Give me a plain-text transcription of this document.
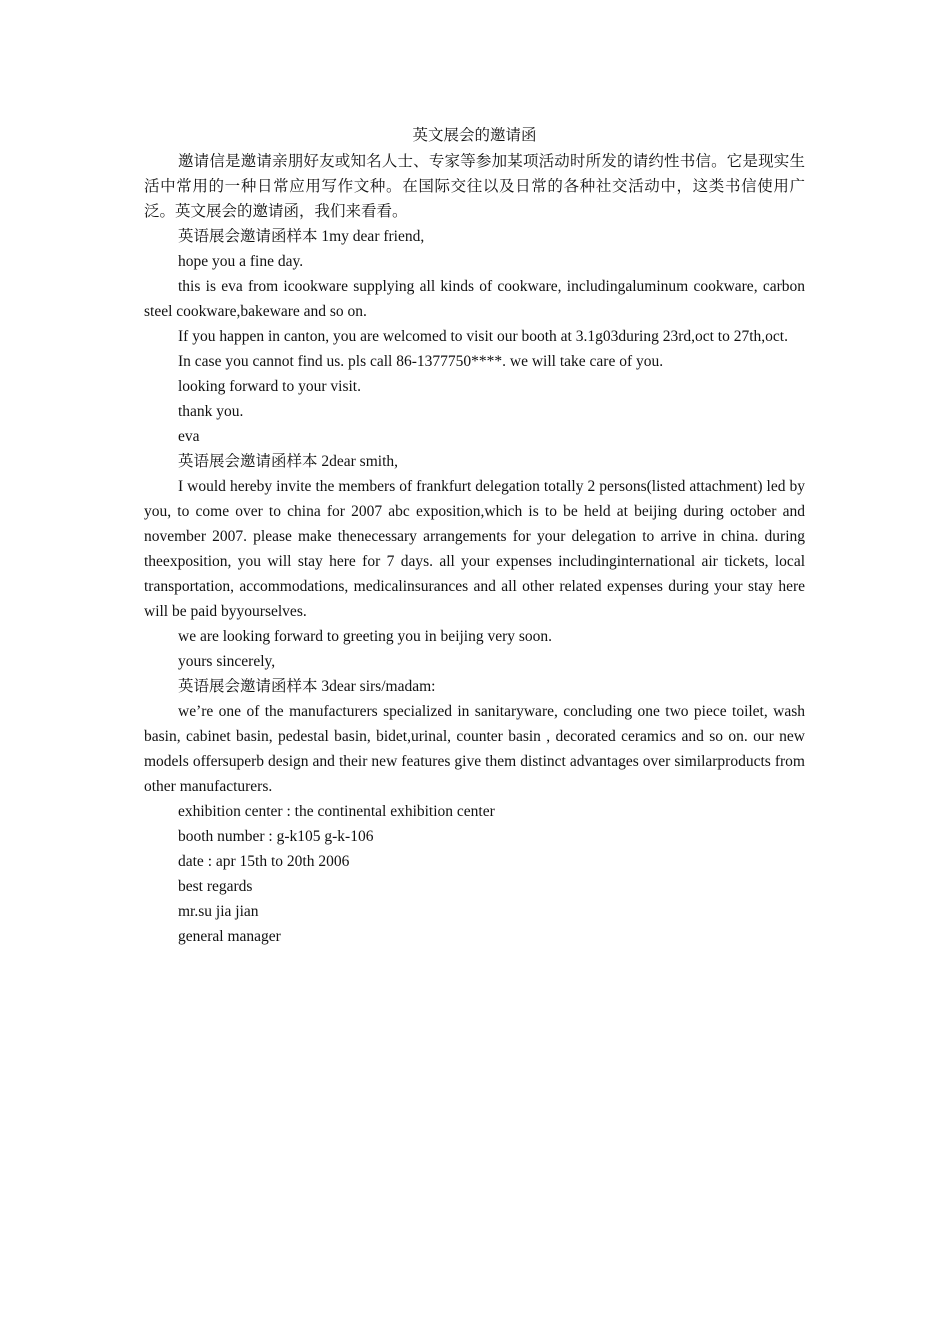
英文展会的邀请函

邀请信是邀请亲朋好友或知名人士、专家等参加某项活动时所发的请约性书信。它是现实生活中常用的一种日常应用写作文种。在国际交往以及日常的各种社交活动中，这类书信使用广泛。英文展会的邀请函，我们来看看。

英语展会邀请函样本 1my dear friend,

hope you a fine day.

this is eva from icookware supplying all kinds of cookware, includingaluminum cookware, carbon steel cookware,bakeware and so on.

If you happen in canton, you are welcomed to visit our booth at 3.1g03during 23rd,oct to 27th,oct.

In case you cannot find us. pls call 86-1377750****. we will take care of you.

looking forward to your visit.

thank you.

eva

英语展会邀请函样本 2dear smith,

I would hereby invite the members of frankfurt delegation totally 2 persons(listed attachment) led by you, to come over to china for 2007 abc exposition,which is to be held at beijing during october and november 2007. please make thenecessary arrangements for your delegation to arrive in china. during theexposition, you will stay here for 7 days. all your expenses includinginternational air tickets, local transportation, accommodations, medicalinsurances and all other related expenses during your stay here will be paid byyourselves.

we are looking forward to greeting you in beijing very soon.

yours sincerely,

英语展会邀请函样本 3dear sirs/madam:

we’re one of the manufacturers specialized in sanitaryware, concluding one two piece toilet, wash basin, cabinet basin, pedestal basin, bidet,urinal, counter basin , decorated ceramics and so on. our new models offersuperb design and their new features give them distinct advantages over similarproducts from other manufacturers.

exhibition center : the continental exhibition center

booth number : g-k105 g-k-106

date : apr 15th to 20th 2006

best regards

mr.su jia jian

general manager
